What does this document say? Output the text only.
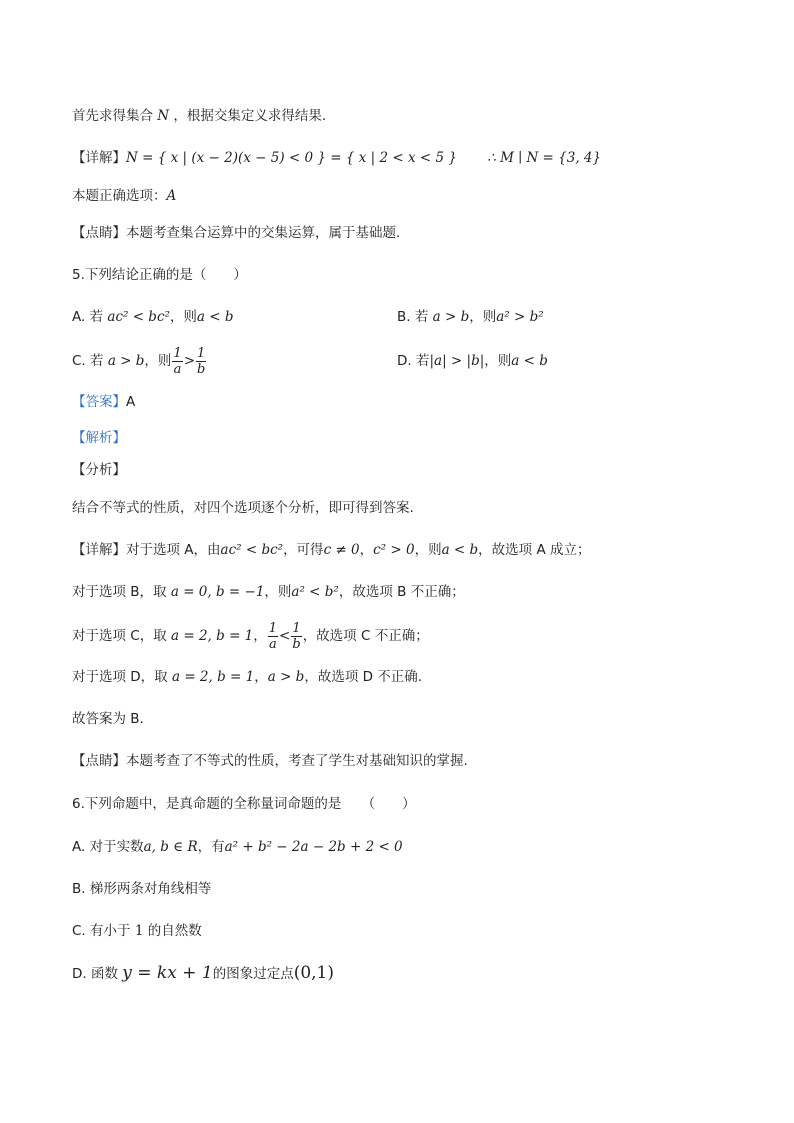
首先求得集合 N ，根据交集定义求得结果.
【详解】N = { x | (x − 2)(x − 5) < 0 } = { x | 2 < x < 5 } ∴ M ∣ N = {3, 4}
本题正确选项：A
【点睛】本题考查集合运算中的交集运算，属于基础题.
5.下列结论正确的是（　　）
A. 若 ac² < bc²，则a < b	B. 若 a > b，则a² > b²
C. 若 a > b，则 $\frac{1}{a} > \frac{1}{b}$	D. 若|a| > |b|，则a < b
【答案】A
【解析】
【分析】
结合不等式的性质，对四个选项逐个分析，即可得到答案.
【详解】对于选项 A，由ac² < bc²，可得c ≠ 0，c² > 0，则a < b，故选项 A 成立；
对于选项 B，取 a = 0, b = −1，则a² < b²，故选项 B 不正确；
对于选项 C，取 a = 2, b = 1， $\frac{1}{a} < \frac{1}{b}$ ，故选项 C 不正确；
对于选项 D，取 a = 2, b = 1，a > b，故选项 D 不正确.
故答案为 B.
【点睛】本题考查了不等式的性质，考查了学生对基础知识的掌握.
6.下列命题中，是真命题的全称量词命题的是　　（　　）
A. 对于实数a, b ∈ R，有a² + b² − 2a − 2b + 2 < 0
B. 梯形两条对角线相等
C. 有小于 1 的自然数
D. 函数 y = kx + 1的图象过定点(0,1)
